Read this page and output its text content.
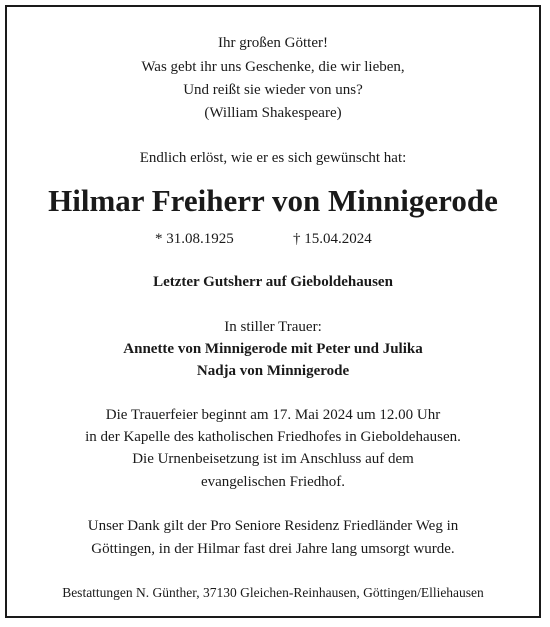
Ihr großen Götter!
Was gebt ihr uns Geschenke, die wir lieben,
Und reißt sie wieder von uns?
(William Shakespeare)
Endlich erlöst, wie er es sich gewünscht hat:
Hilmar Freiherr von Minnigerode
* 31.08.1925	† 15.04.2024
Letzter Gutsherr auf Gieboldehausen
In stiller Trauer:
Annette von Minnigerode mit Peter und Julika
Nadja von Minnigerode
Die Trauerfeier beginnt am 17. Mai 2024 um 12.00 Uhr
in der Kapelle des katholischen Friedhofes in Gieboldehausen.
Die Urnenbeisetzung ist im Anschluss auf dem
evangelischen Friedhof.
Unser Dank gilt der Pro Seniore Residenz Friedländer Weg in
Göttingen, in der Hilmar fast drei Jahre lang umsorgt wurde.
Bestattungen N. Günther, 37130 Gleichen-Reinhausen, Göttingen/Elliehausen
